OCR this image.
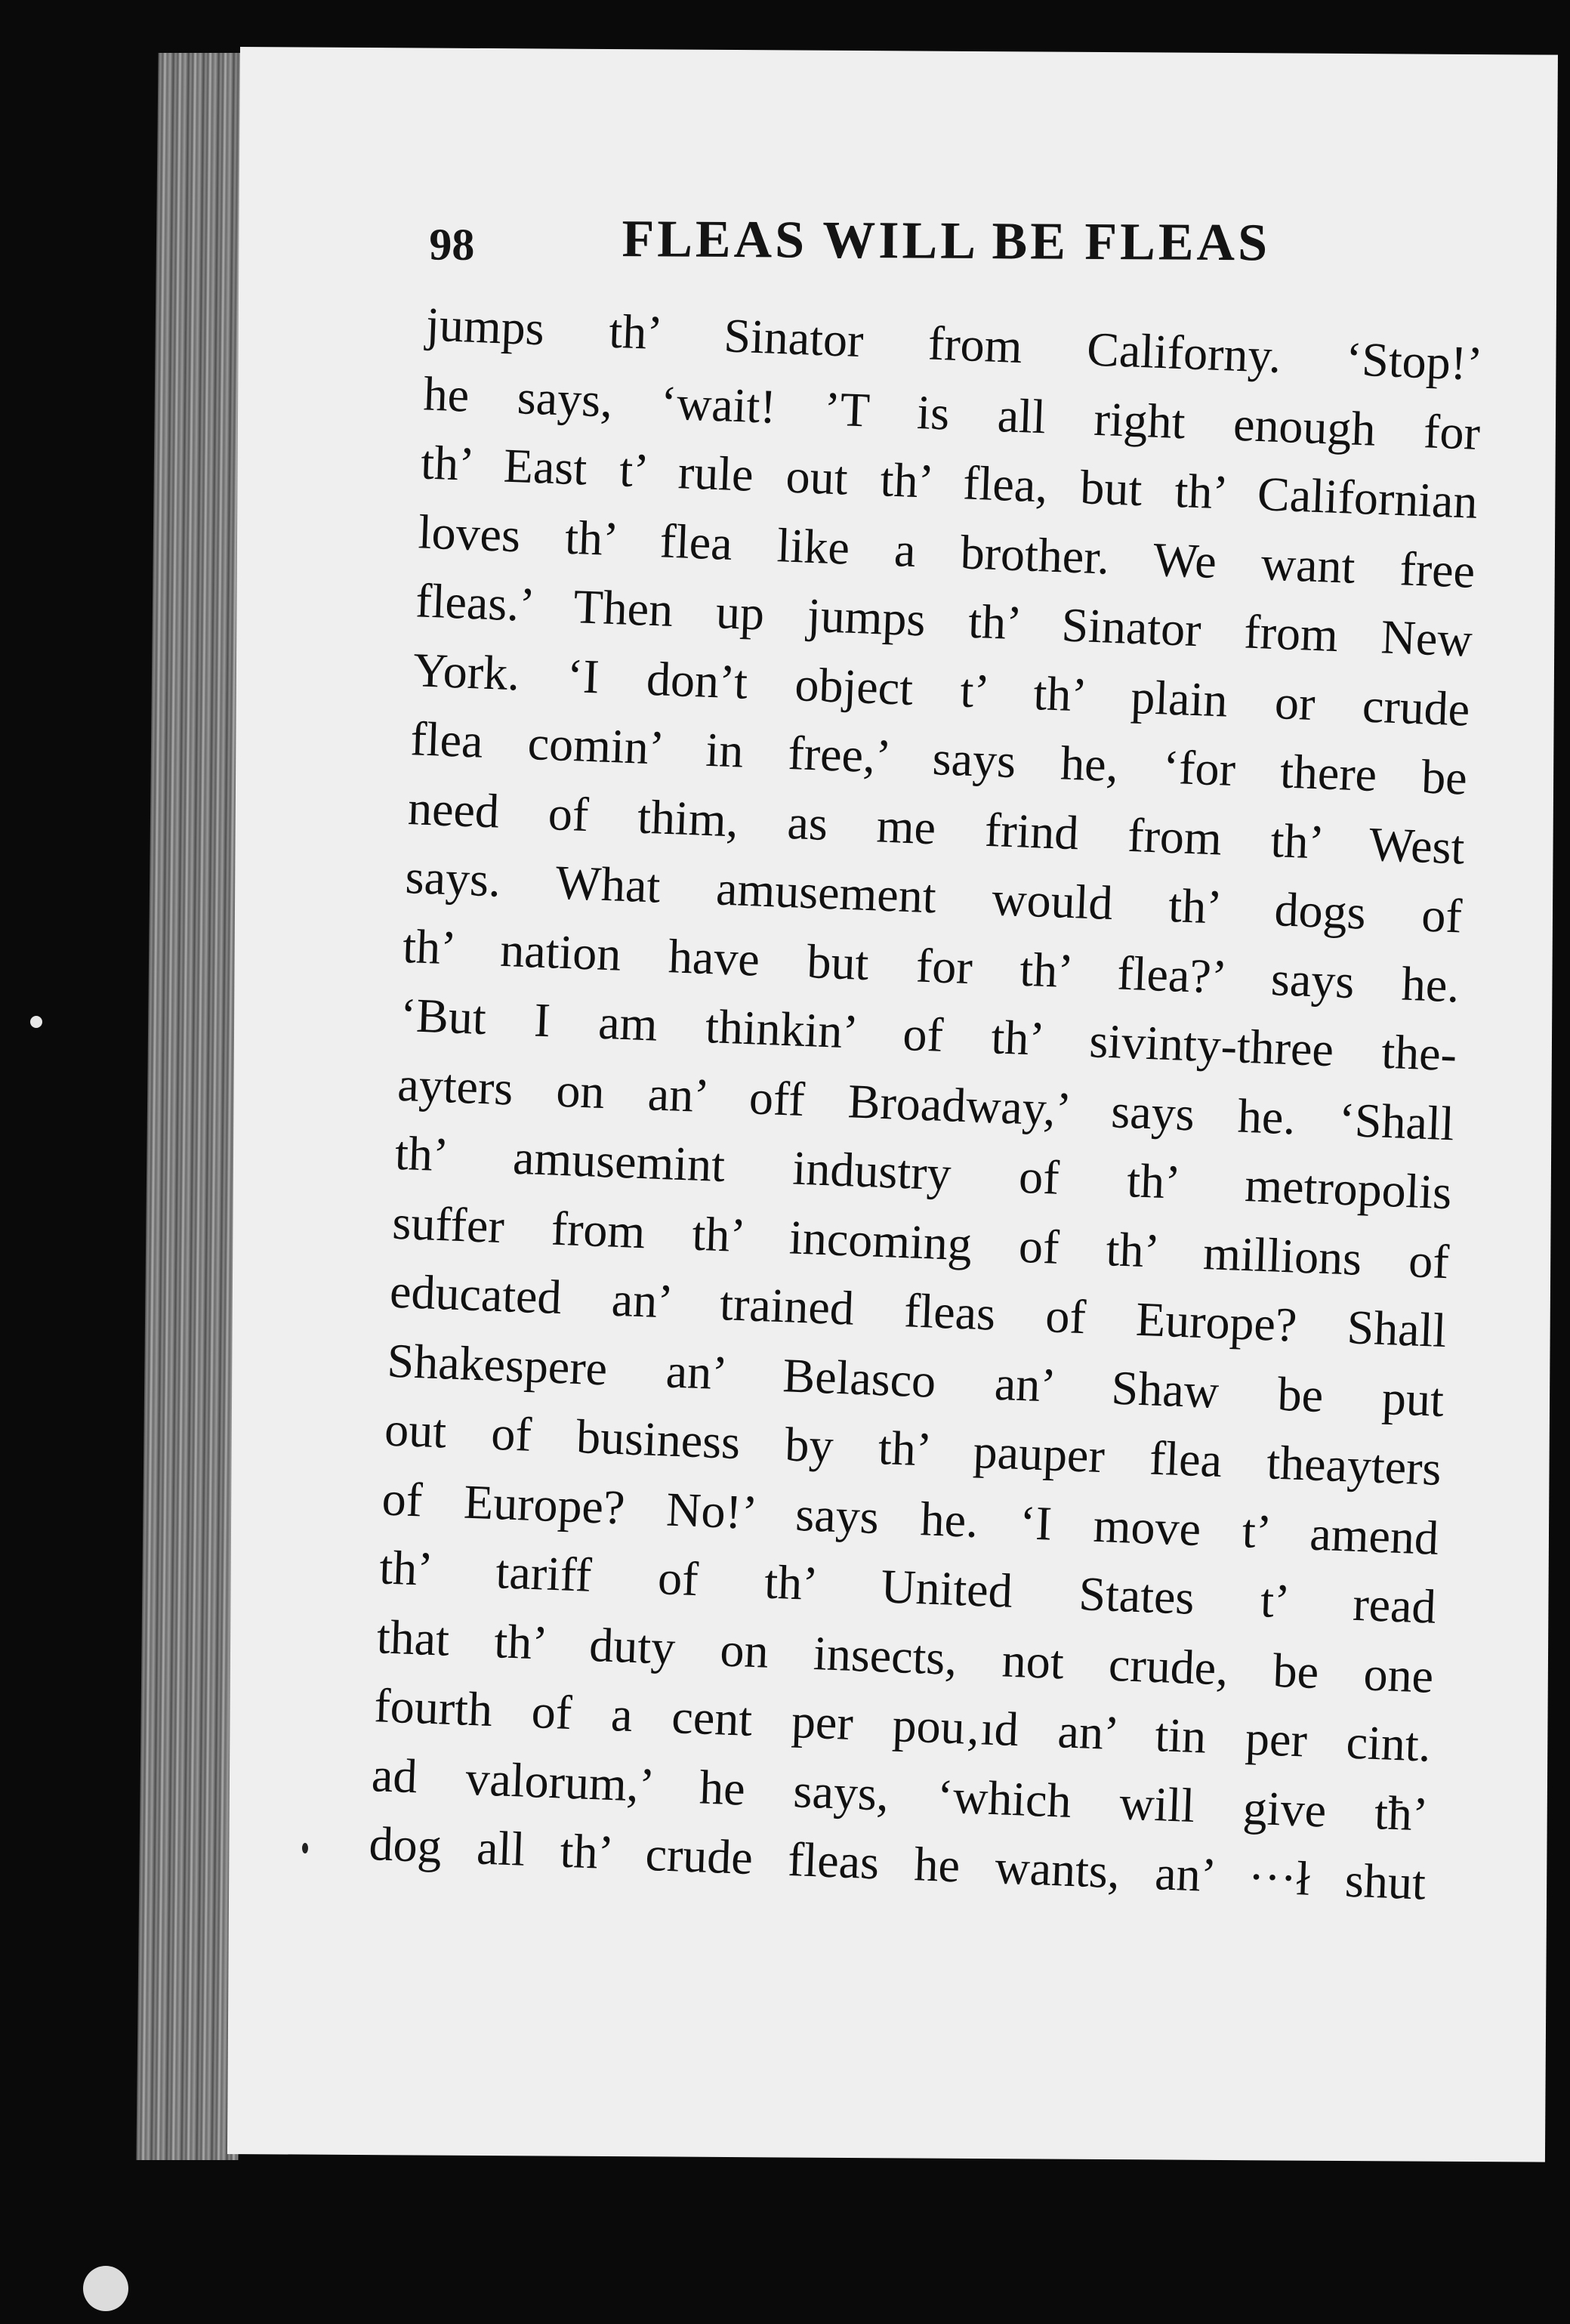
98	FLEAS WILL BE FLEAS
jumps th’ Sinator from Californy. ‘Stop!’
he says, ‘wait! ’T is all right enough for
th’ East t’ rule out th’ flea, but th’ Californian
loves th’ flea like a brother. We want free
fleas.’ Then up jumps th’ Sinator from New
York. ‘I don’t object t’ th’ plain or crude
flea comin’ in free,’ says he, ‘for there be
need of thim, as me frind from th’ West
says. What amusement would th’ dogs of
th’ nation have but for th’ flea?’ says he.
‘But I am thinkin’ of th’ sivinty-three the-
ayters on an’ off Broadway,’ says he. ‘Shall
th’ amusemint industry of th’ metropolis
suffer from th’ incoming of th’ millions of
educated an’ trained fleas of Europe? Shall
Shakespere an’ Belasco an’ Shaw be put
out of business by th’ pauper flea theayters
of Europe? No!’ says he. ‘I move t’ amend
th’ tariff of th’ United States t’ read
that th’ duty on insects, not crude, be one
fourth of a cent per pou‚ıd an’ tin per cint.
ad valorum,’ he says, ‘which will give tħ’
dog all th’ crude fleas he wants, an’ ···ł shut
